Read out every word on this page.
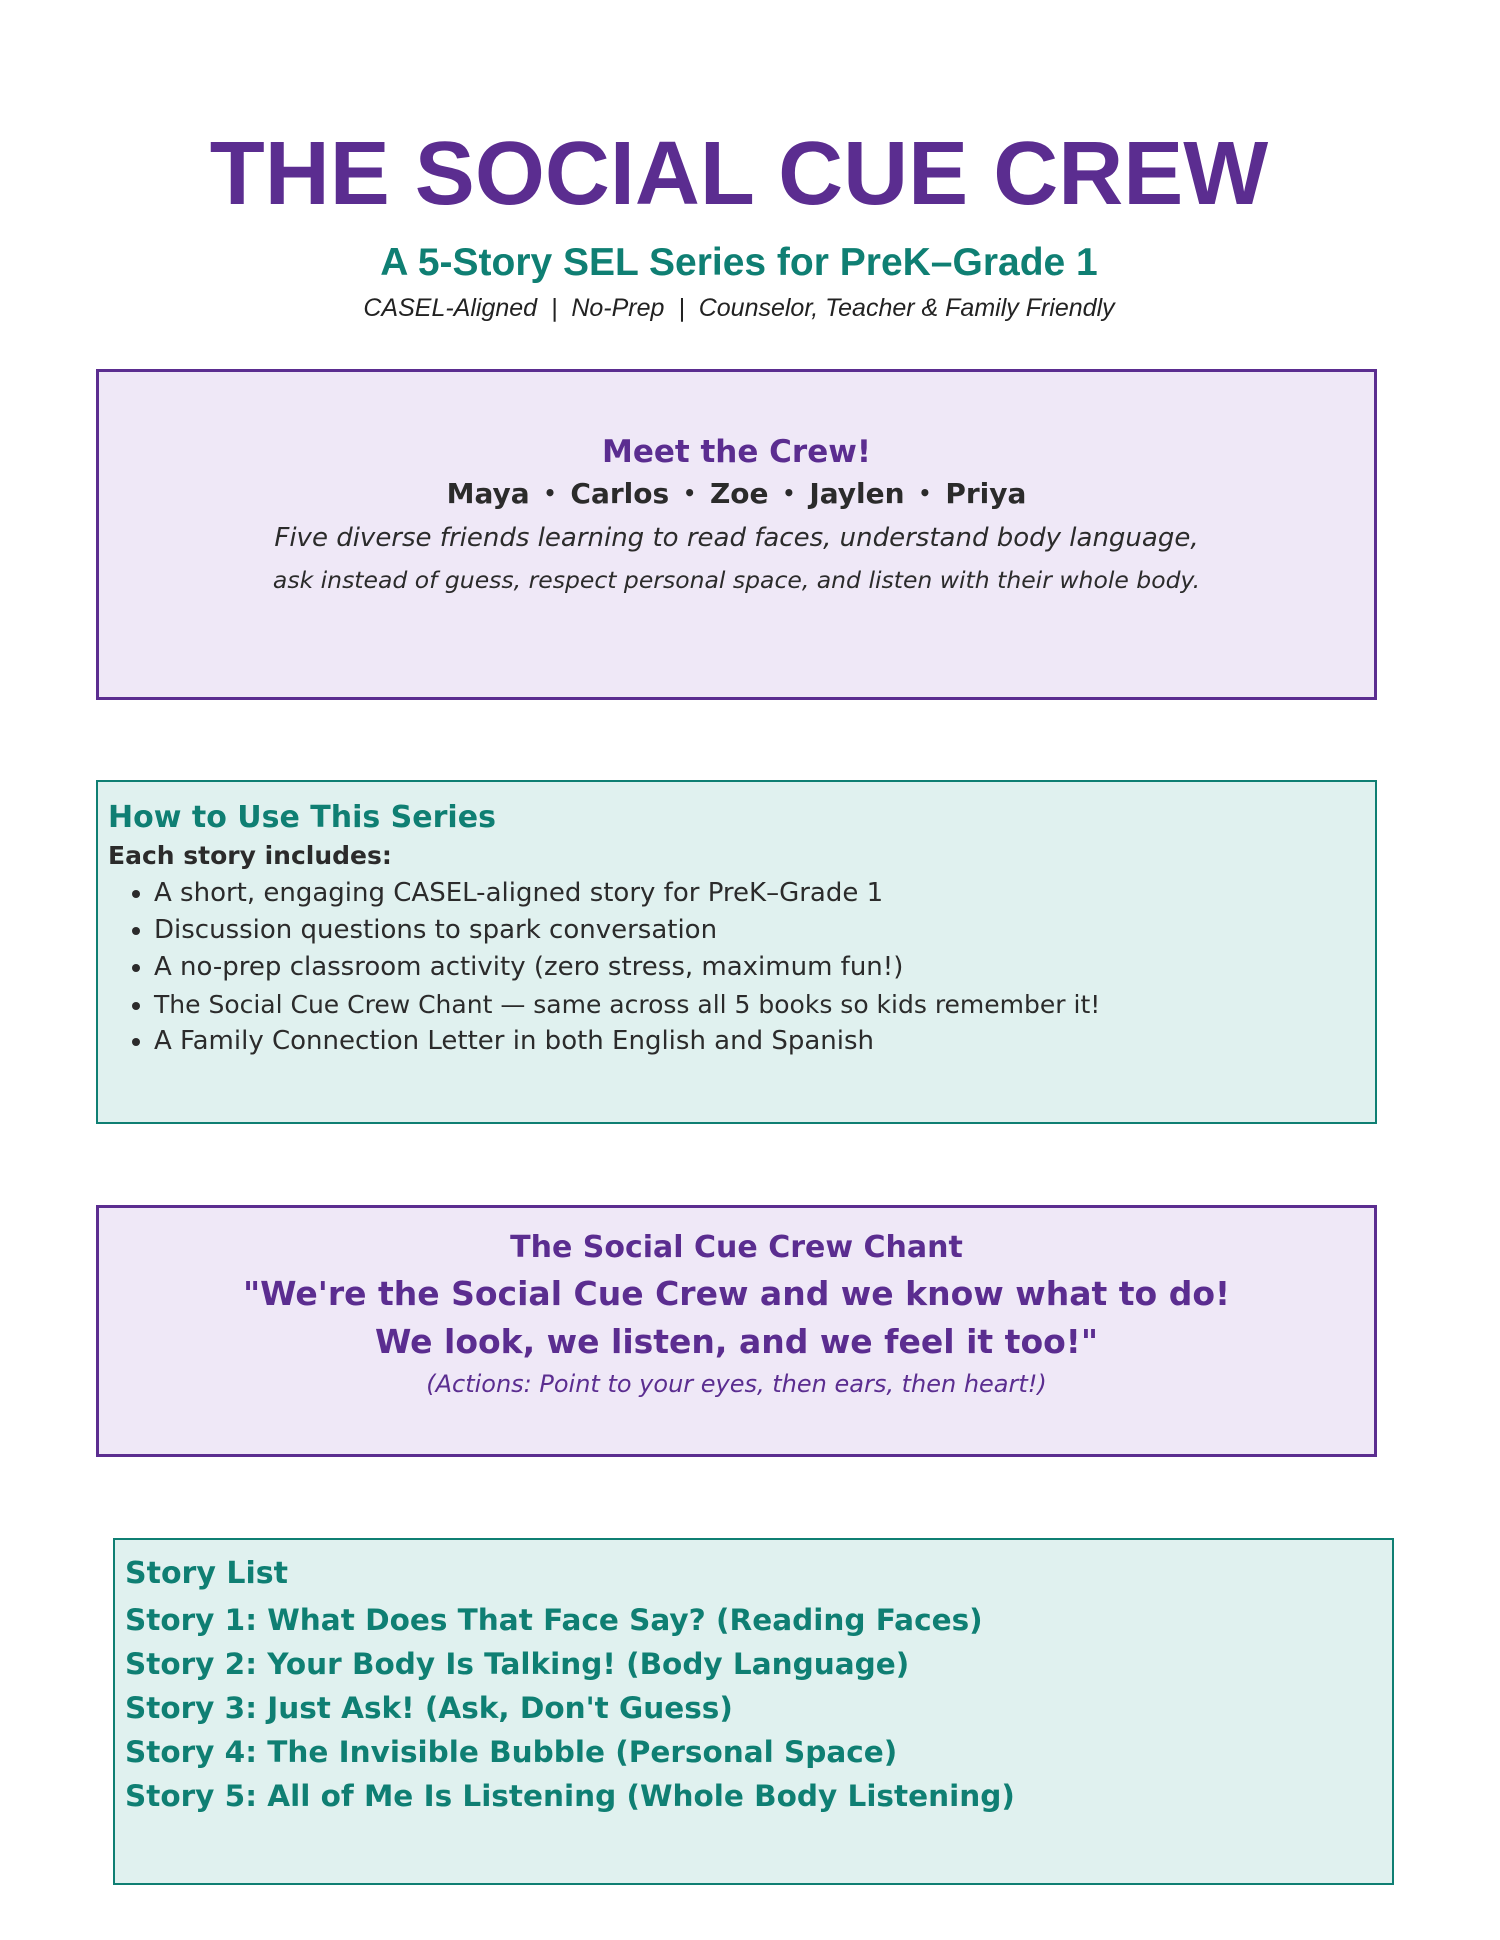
THE SOCIAL CUE CREW
A 5-Story SEL Series for PreK–Grade 1
CASEL-Aligned  |  No-Prep  |  Counselor, Teacher & Family Friendly
Meet the Crew!
Maya • Carlos • Zoe • Jaylen • Priya
Five diverse friends learning to read faces, understand body language,
ask instead of guess, respect personal space, and listen with their whole body.
How to Use This Series
Each story includes:
• A short, engaging CASEL-aligned story for PreK–Grade 1
• Discussion questions to spark conversation
• A no-prep classroom activity (zero stress, maximum fun!)
• The Social Cue Crew Chant — same across all 5 books so kids remember it!
• A Family Connection Letter in both English and Spanish
The Social Cue Crew Chant
"We're the Social Cue Crew and we know what to do!
We look, we listen, and we feel it too!"
(Actions: Point to your eyes, then ears, then heart!)
Story List
Story 1: What Does That Face Say? (Reading Faces)
Story 2: Your Body Is Talking! (Body Language)
Story 3: Just Ask! (Ask, Don't Guess)
Story 4: The Invisible Bubble (Personal Space)
Story 5: All of Me Is Listening (Whole Body Listening)
